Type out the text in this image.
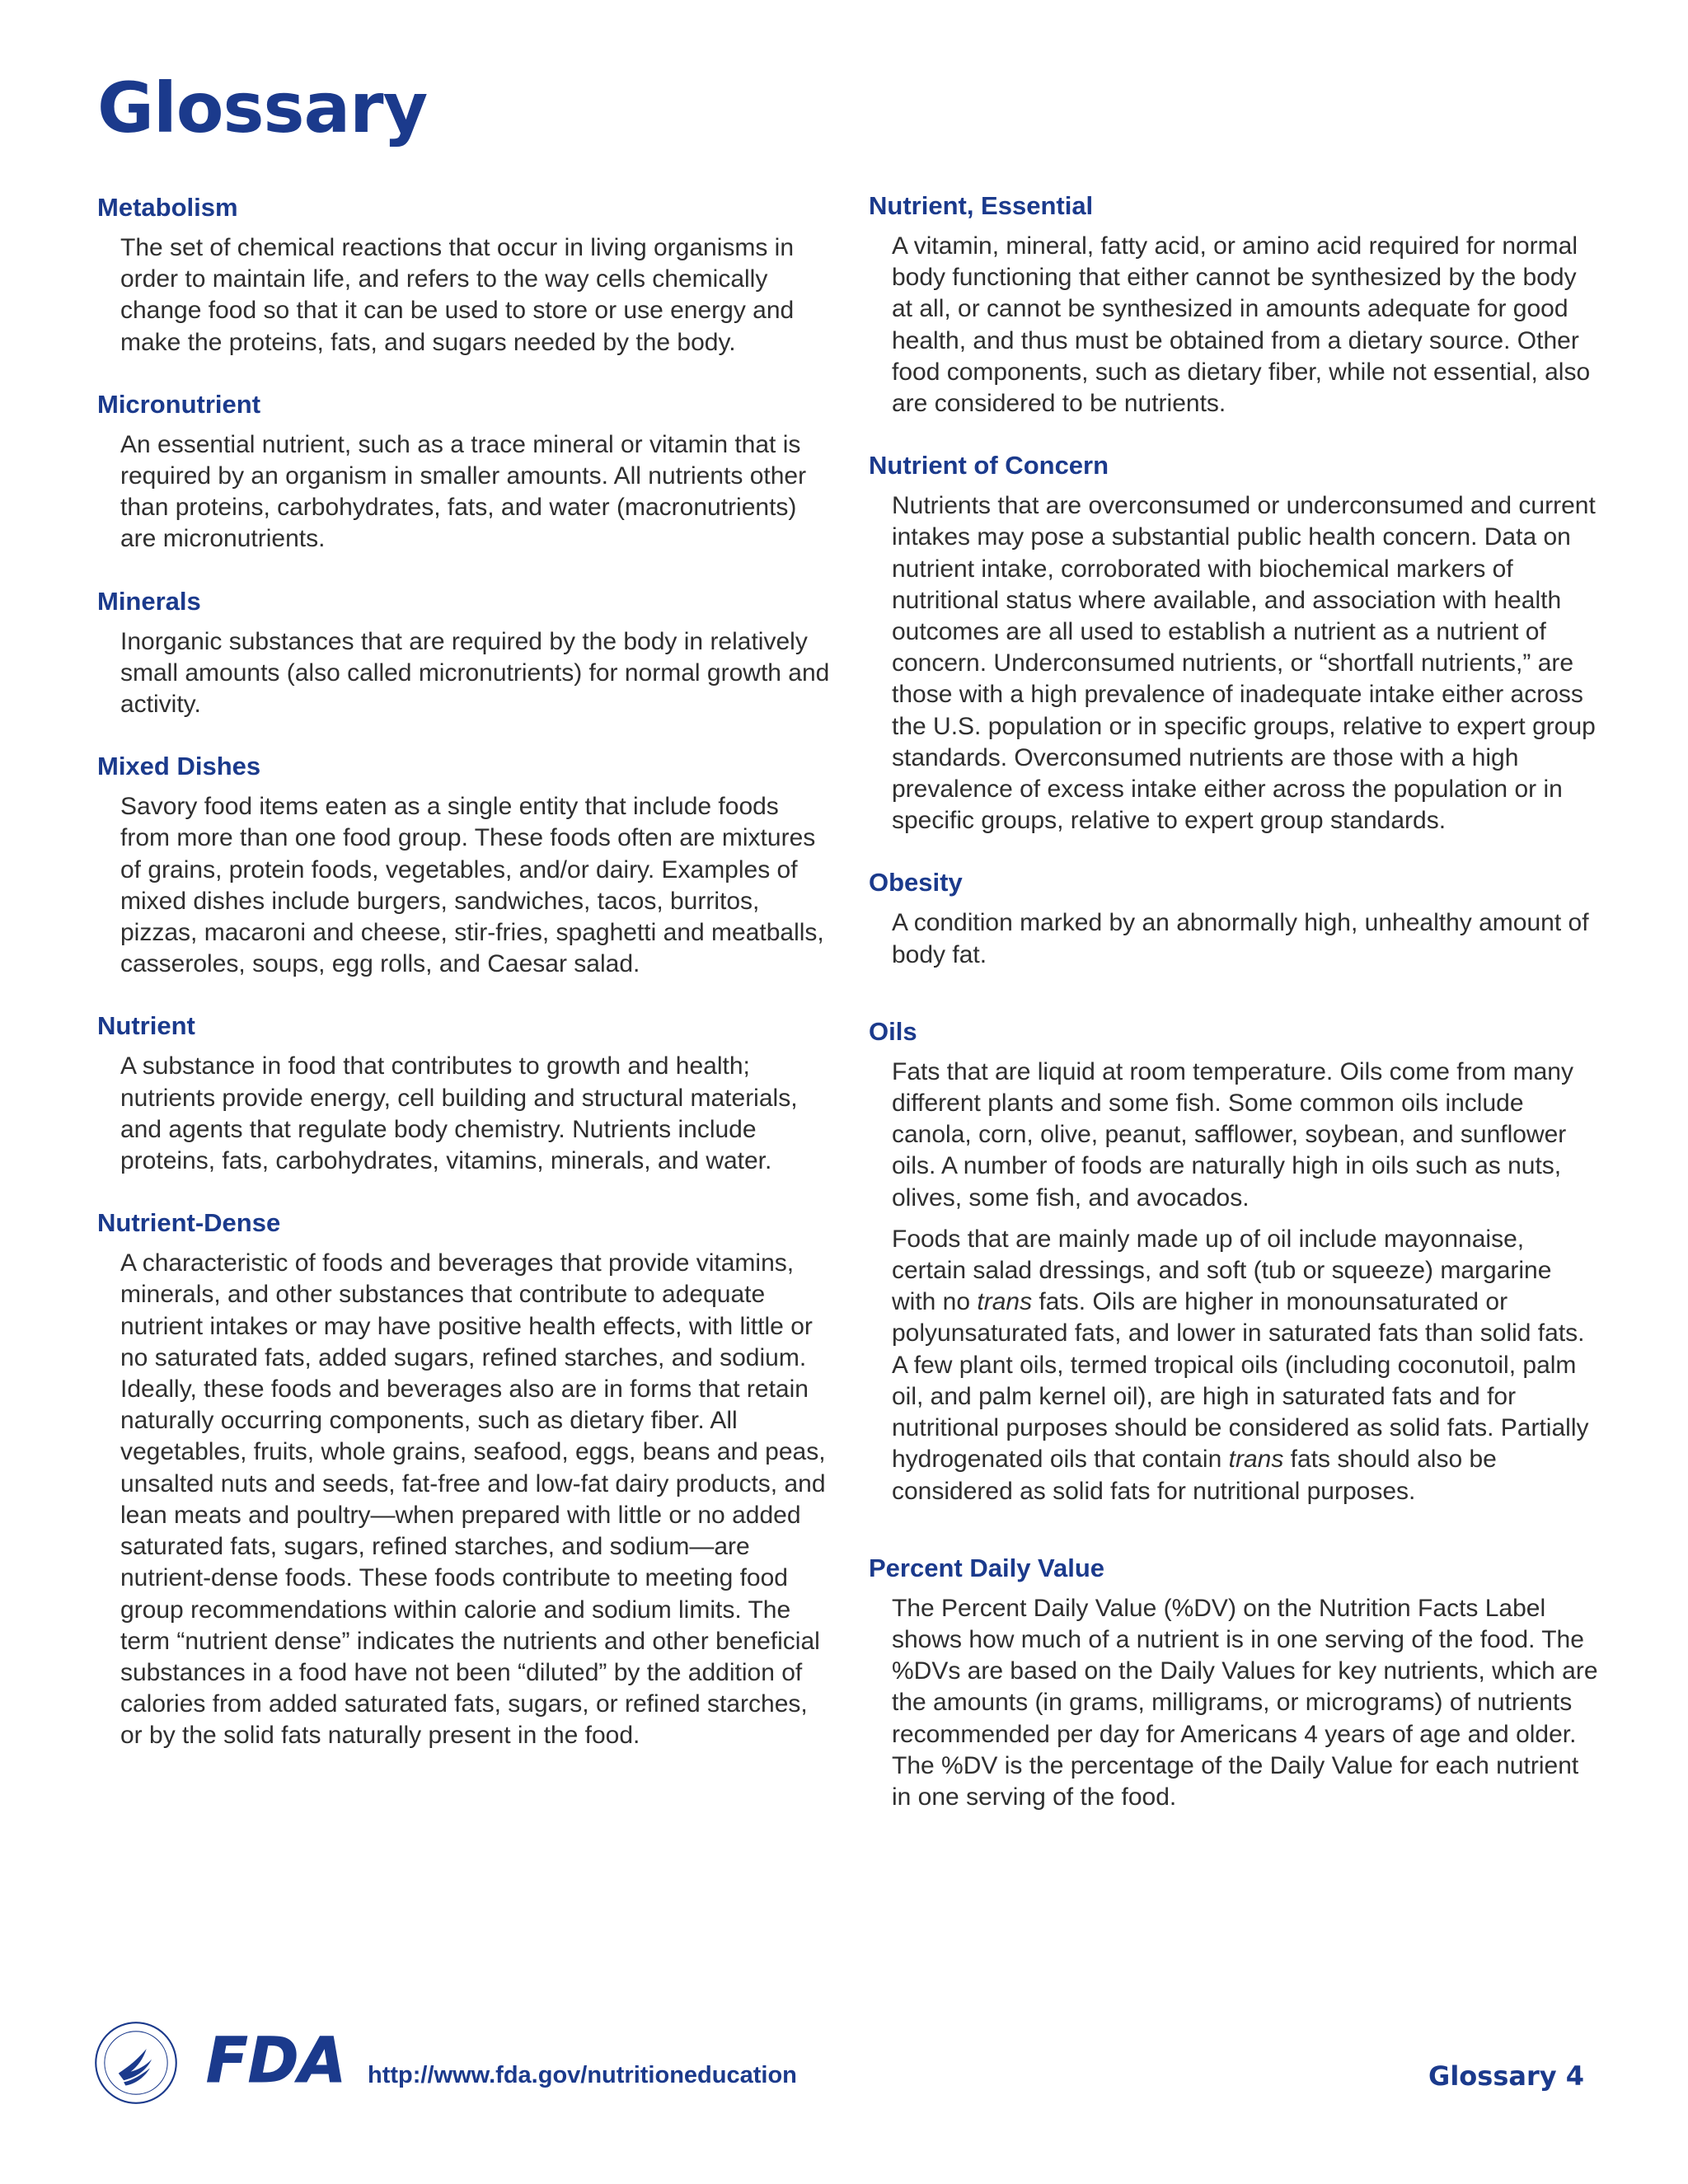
Glossary
Metabolism

The set of chemical reactions that occur in living organisms in order to maintain life, and refers to the way cells chemically change food so that it can be used to store or use energy and make the proteins, fats, and sugars needed by the body.

Micronutrient

An essential nutrient, such as a trace mineral or vitamin that is required by an organism in smaller amounts. All nutrients other than proteins, carbohydrates, fats, and water (macronutrients) are micronutrients.

Minerals

Inorganic substances that are required by the body in relatively small amounts (also called micronutrients) for normal growth and activity.

Mixed Dishes

Savory food items eaten as a single entity that include foods from more than one food group. These foods often are mixtures of grains, protein foods, vegetables, and/or dairy. Examples of mixed dishes include burgers, sandwiches, tacos, burritos, pizzas, macaroni and cheese, stir-fries, spaghetti and meatballs, casseroles, soups, egg rolls, and Caesar salad.

Nutrient

A substance in food that contributes to growth and health; nutrients provide energy, cell building and structural materials, and agents that regulate body chemistry. Nutrients include proteins, fats, carbohydrates, vitamins, minerals, and water.

Nutrient-Dense

A characteristic of foods and beverages that provide vitamins, minerals, and other substances that contribute to adequate nutrient intakes or may have positive health effects, with little or no saturated fats, added sugars, refined starches, and sodium. Ideally, these foods and beverages also are in forms that retain naturally occurring components, such as dietary fiber. All vegetables, fruits, whole grains, seafood, eggs, beans and peas, unsalted nuts and seeds, fat-free and low-fat dairy products, and lean meats and poultry—when prepared with little or no added saturated fats, sugars, refined starches, and sodium—are nutrient-dense foods. These foods contribute to meeting food group recommendations within calorie and sodium limits. The term “nutrient dense” indicates the nutrients and other beneficial substances in a food have not been “diluted” by the addition of calories from added saturated fats, sugars, or refined starches, or by the solid fats naturally present in the food.

Nutrient, Essential

A vitamin, mineral, fatty acid, or amino acid required for normal body functioning that either cannot be synthesized by the body at all, or cannot be synthesized in amounts adequate for good health, and thus must be obtained from a dietary source. Other food components, such as dietary fiber, while not essential, also are considered to be nutrients.

Nutrient of Concern

Nutrients that are overconsumed or underconsumed and current intakes may pose a substantial public health concern. Data on nutrient intake, corroborated with biochemical markers of nutritional status where available, and association with health outcomes are all used to establish a nutrient as a nutrient of concern. Underconsumed nutrients, or “shortfall nutrients,” are those with a high prevalence of inadequate intake either across the U.S. population or in specific groups, relative to expert group standards. Overconsumed nutrients are those with a high prevalence of excess intake either across the population or in specific groups, relative to expert group standards.

Obesity

A condition marked by an abnormally high, unhealthy amount of body fat.

Oils

Fats that are liquid at room temperature. Oils come from many different plants and some fish. Some common oils include canola, corn, olive, peanut, safflower, soybean, and sunflower oils. A number of foods are naturally high in oils such as nuts, olives, some fish, and avocados.

Foods that are mainly made up of oil include mayonnaise, certain salad dressings, and soft (tub or squeeze) margarine with no trans fats. Oils are higher in monounsaturated or polyunsaturated fats, and lower in saturated fats than solid fats. A few plant oils, termed tropical oils (including coconutoil, palm oil, and palm kernel oil), are high in saturated fats and for nutritional purposes should be considered as solid fats. Partially hydrogenated oils that contain trans fats should also be considered as solid fats for nutritional purposes.

Percent Daily Value

The Percent Daily Value (%DV) on the Nutrition Facts Label shows how much of a nutrient is in one serving of the food. The %DVs are based on the Daily Values for key nutrients, which are the amounts (in grams, milligrams, or micrograms) of nutrients recommended per day for Americans 4 years of age and older. The %DV is the percentage of the Daily Value for each nutrient in one serving of the food.

FDA http://www.fda.gov/nutritioneducation	Glossary 4
